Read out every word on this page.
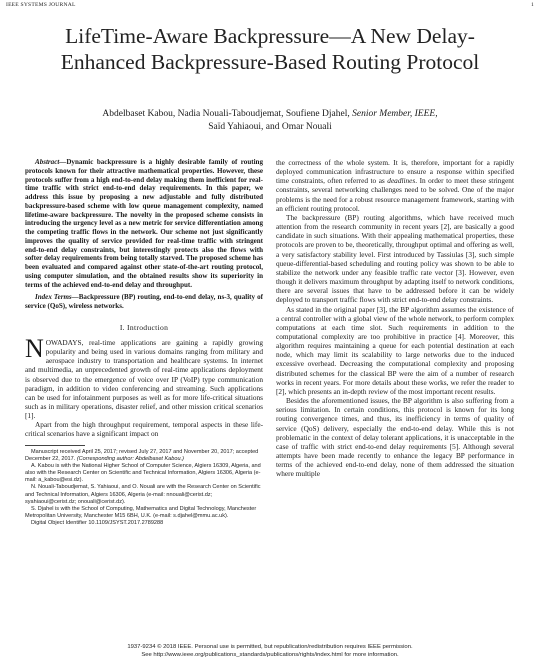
IEEE SYSTEMS JOURNAL	1
LifeTime-Aware Backpressure—A New Delay-Enhanced Backpressure-Based Routing Protocol
Abdelbaset Kabou, Nadia Nouali-Taboudjemat, Soufiene Djahel, Senior Member, IEEE,
Saïd Yahiaoui, and Omar Nouali

Abstract—Dynamic backpressure is a highly desirable family of routing protocols known for their attractive mathematical properties. However, these protocols suffer from a high end-to-end delay making them inefficient for real-time traffic with strict end-to-end delay requirements. In this paper, we address this issue by proposing a new adjustable and fully distributed backpressure-based scheme with low queue management complexity, named lifetime-aware backpressure. The novelty in the proposed scheme consists in introducing the urgency level as a new metric for service differentiation among the competing traffic flows in the network. Our scheme not just significantly improves the quality of service provided for real-time traffic with stringent end-to-end delay constraints, but interestingly protects also the flows with softer delay requirements from being totally starved. The proposed scheme has been evaluated and compared against other state-of-the-art routing protocol, using computer simulation, and the obtained results show its superiority in terms of the achieved end-to-end delay and throughput.

Index Terms—Backpressure (BP) routing, end-to-end delay, ns-3, quality of service (QoS), wireless networks.

I. Introduction

NOWADAYS, real-time applications are gaining a rapidly growing popularity and being used in various domains ranging from military and aerospace industry to transportation and healthcare systems. In internet and multimedia, an unprecedented growth of real-time applications deployment is observed due to the emergence of voice over IP (VoIP) type communication paradigm, in addition to video conferencing and streaming. Such applications can be used for infotainment purposes as well as for more life-critical situations such as in military operations, disaster relief, and other mission critical scenarios [1].

Apart from the high throughput requirement, temporal aspects in these life-critical scenarios have a significant impact on

Manuscript received April 25, 2017; revised July 27, 2017 and November 20, 2017; accepted December 22, 2017. (Corresponding author: Abdelbaset Kabou.)

A. Kabou is with the National Higher School of Computer Science, Algiers 16309, Algeria, and also with the Research Center on Scientific and Technical Information, Algiers 16306, Algeria (e-mail: a_kabou@esi.dz).

N. Nouali-Taboudjemat, S. Yahiaoui, and O. Nouali are with the Research Center on Scientific and Technical Information, Algiers 16306, Algeria (e-mail: nnouali@cerist.dz; syahiaoui@cerist.dz; onouali@cerist.dz).

S. Djahel is with the School of Computing, Mathematics and Digital Technology, Manchester Metropolitan University, Manchester M15 6BH, U.K. (e-mail: s.djahel@mmu.ac.uk).

Digital Object Identifier 10.1109/JSYST.2017.2789288

the correctness of the whole system. It is, therefore, important for a rapidly deployed communication infrastructure to ensure a response within specified time constraints, often referred to as deadlines. In order to meet these stringent constraints, several networking challenges need to be solved. One of the major problems is the need for a robust resource management framework, starting with an efficient routing protocol.

The backpressure (BP) routing algorithms, which have received much attention from the research community in recent years [2], are basically a good candidate in such situations. With their appealing mathematical properties, these protocols are proven to be, theoretically, throughput optimal and offering as well, a very satisfactory stability level. First introduced by Tassiulas [3], such simple queue-differential-based scheduling and routing policy was shown to be able to stabilize the network under any feasible traffic rate vector [3]. However, even though it delivers maximum throughput by adapting itself to network conditions, there are several issues that have to be addressed before it can be widely deployed to transport traffic flows with strict end-to-end delay constraints.

As stated in the original paper [3], the BP algorithm assumes the existence of a central controller with a global view of the whole network, to perform complex computations at each time slot. Such requirements in addition to the computational complexity are too prohibitive in practice [4]. Moreover, this algorithm requires maintaining a queue for each potential destination at each node, which may limit its scalability to large networks due to the induced excessive overhead. Decreasing the computational complexity and proposing distributed schemes for the classical BP were the aim of a number of research works in recent years. For more details about these works, we refer the reader to [2], which presents an in-depth review of the most important recent results.

Besides the aforementioned issues, the BP algorithm is also suffering from a serious limitation. In certain conditions, this protocol is known for its long routing convergence times, and thus, its inefficiency in terms of quality of service (QoS) delivery, especially the end-to-end delay. While this is not problematic in the context of delay tolerant applications, it is unacceptable in the case of traffic with strict end-to-end delay requirements [5]. Although several attempts have been made recently to enhance the legacy BP performance in terms of the achieved end-to-end delay, none of them addressed the situation where multiple

1937-9234 © 2018 IEEE. Personal use is permitted, but republication/redistribution requires IEEE permission.
See http://www.ieee.org/publications_standards/publications/rights/index.html for more information.
